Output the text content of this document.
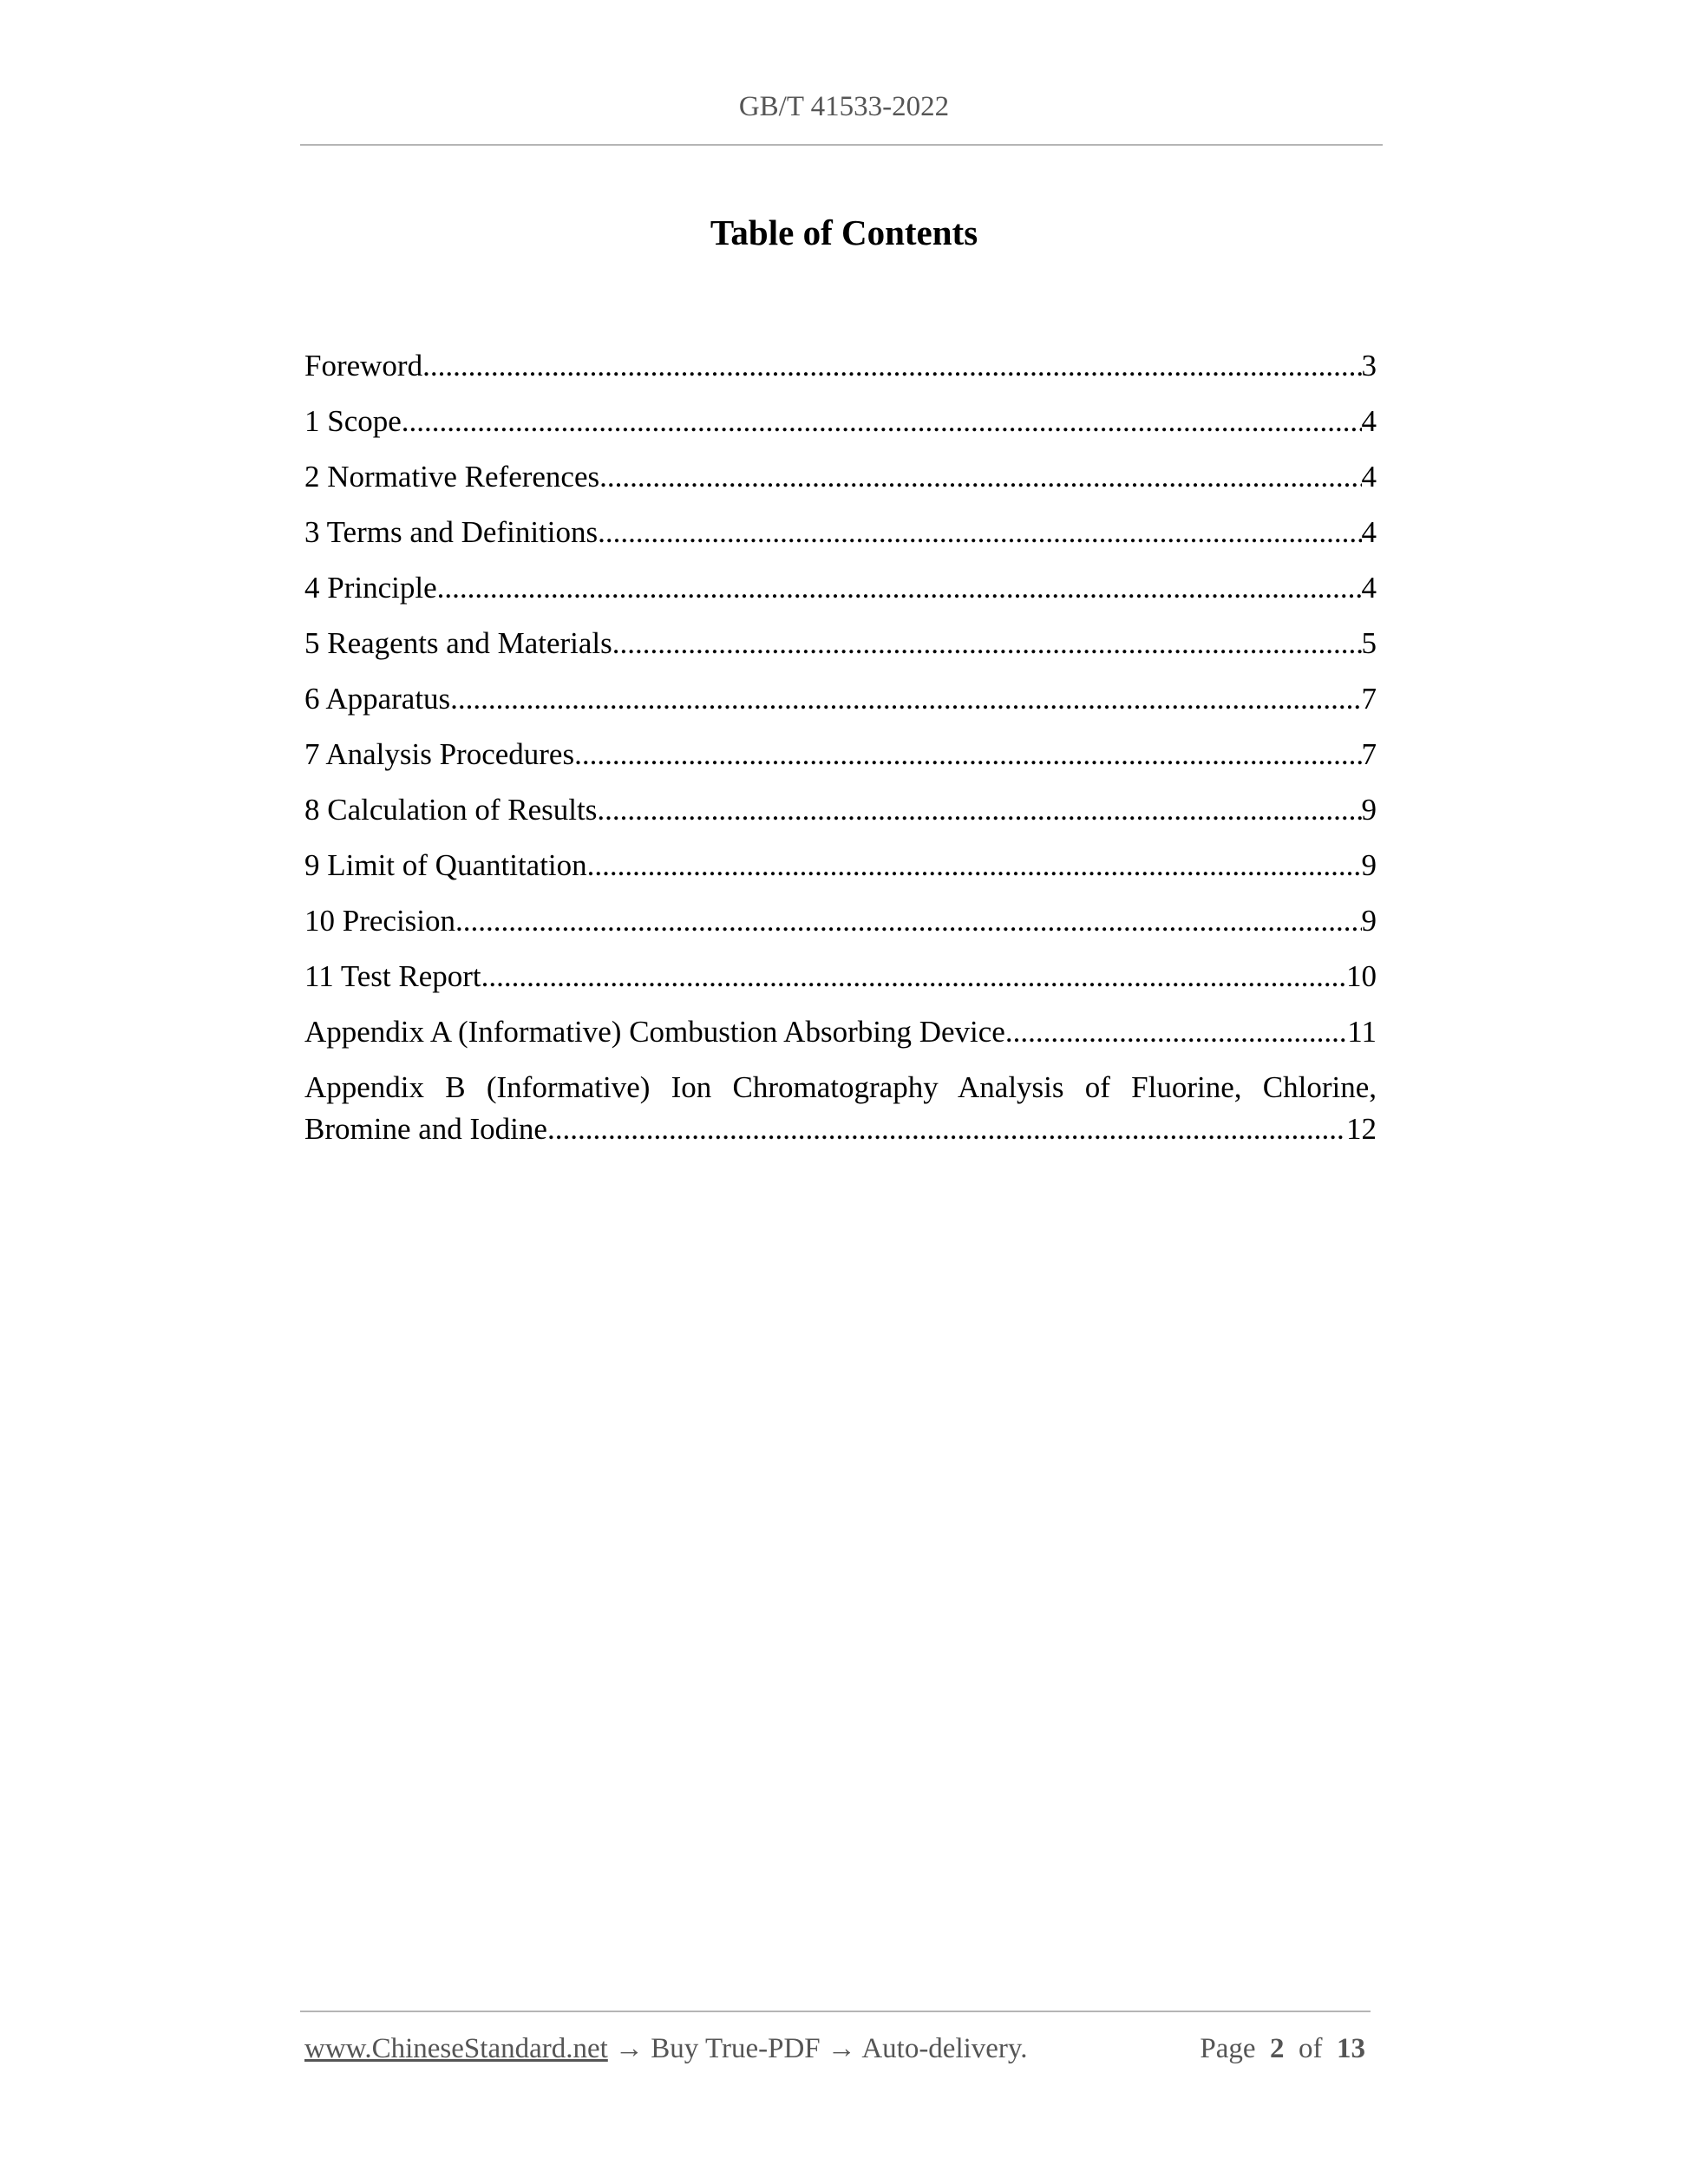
GB/T 41533-2022
Table of Contents
Foreword .....	3
1 Scope .....	4
2 Normative References .....	4
3 Terms and Definitions .....	4
4 Principle .....	4
5 Reagents and Materials .....	5
6 Apparatus .....	7
7 Analysis Procedures .....	7
8 Calculation of Results .....	9
9 Limit of Quantitation .....	9
10 Precision .....	9
11 Test Report .....	10
Appendix A (Informative) Combustion Absorbing Device .....	11
Appendix B (Informative) Ion Chromatography Analysis of Fluorine, Chlorine,
Bromine and Iodine .....	12
www.ChineseStandard.net → Buy True-PDF → Auto-delivery.	Page 2 of 13
